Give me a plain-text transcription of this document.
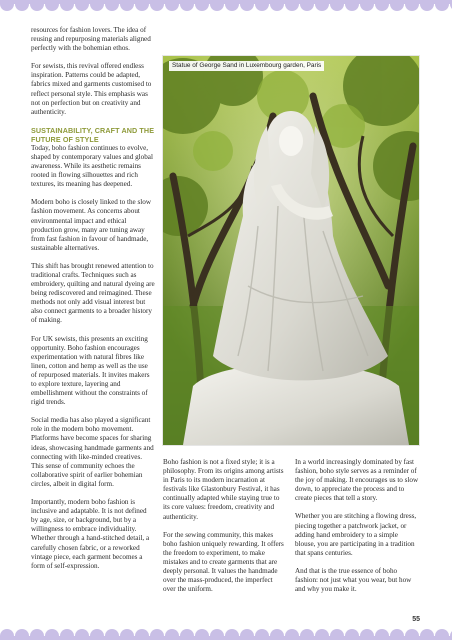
resources for fashion lovers. The idea of reusing and repurposing materials aligned perfectly with the bohemian ethos.

For sewists, this revival offered endless inspiration. Patterns could be adapted, fabrics mixed and garments customised to reflect personal style. This emphasis was not on perfection but on creativity and authenticity.

SUSTAINABILITY, CRAFT AND THE FUTURE OF STYLE

Today, boho fashion continues to evolve, shaped by contemporary values and global awareness. While its aesthetic remains rooted in flowing silhouettes and rich textures, its meaning has deepened.

Modern boho is closely linked to the slow fashion movement. As concerns about environmental impact and ethical production grow, many are tuning away from fast fashion in favour of handmade, sustainable alternatives.

This shift has brought renewed attention to traditional crafts. Techniques such as embroidery, quilting and natural dyeing are being rediscovered and reimagined. These methods not only add visual interest but also connect garments to a broader history of making.

For UK sewists, this presents an exciting opportunity. Boho fashion encourages experimentation with natural fibres like linen, cotton and hemp as well as the use of repurposed materials. It invites makers to explore texture, layering and embellishment without the constraints of rigid trends.

Social media has also played a significant role in the modern boho movement. Platforms have become spaces for sharing ideas, showcasing handmade garments and connecting with like-minded creatives. This sense of community echoes the collaborative spirit of earlier bohemian circles, albeit in digital form.

Importantly, modern boho fashion is inclusive and adaptable. It is not defined by age, size, or background, but by a willingness to embrace individuality. Whether through a hand-stitched detail, a carefully chosen fabric, or a reworked vintage piece, each garment becomes a form of self-expression.

Statue of George Sand in Luxembourg garden, Paris

Boho fashion is not a fixed style; it is a philosophy. From its origins among artists in Paris to its modern incarnation at festivals like Glastonbury Festival, it has continually adapted while staying true to its core values: freedom, creativity and authenticity.

For the sewing community, this makes boho fashion uniquely rewarding. It offers the freedom to experiment, to make mistakes and to create garments that are deeply personal. It values the handmade over the mass-produced, the imperfect over the uniform.

In a world increasingly dominated by fast fashion, boho style serves as a reminder of the joy of making. It encourages us to slow down, to appreciate the process and to create pieces that tell a story.

Whether you are stitching a flowing dress, piecing together a patchwork jacket, or adding hand embroidery to a simple blouse, you are participating in a tradition that spans centuries.

And that is the true essence of boho fashion: not just what you wear, but how and why you make it.

55
